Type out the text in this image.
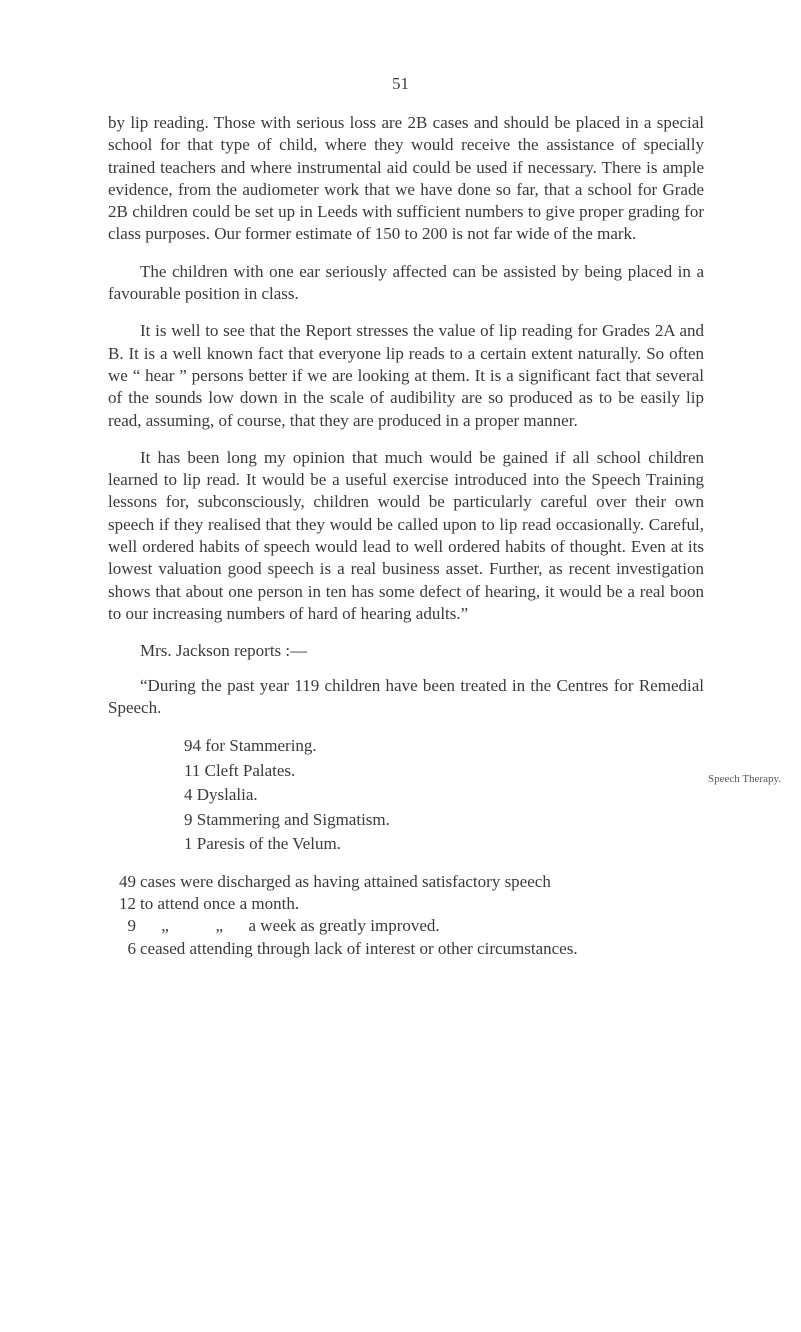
51

by lip reading. Those with serious loss are 2B cases and should be placed in a special school for that type of child, where they would receive the assistance of specially trained teachers and where instrumental aid could be used if necessary. There is ample evidence, from the audiometer work that we have done so far, that a school for Grade 2B children could be set up in Leeds with sufficient numbers to give proper grading for class purposes. Our former estimate of 150 to 200 is not far wide of the mark.

The children with one ear seriously affected can be assisted by being placed in a favourable position in class.

It is well to see that the Report stresses the value of lip reading for Grades 2A and B. It is a well known fact that everyone lip reads to a certain extent naturally. So often we “ hear ” persons better if we are looking at them. It is a significant fact that several of the sounds low down in the scale of audibility are so produced as to be easily lip read, assuming, of course, that they are produced in a proper manner.

It has been long my opinion that much would be gained if all school children learned to lip read. It would be a useful exercise introduced into the Speech Training lessons for, subconsciously, children would be particularly careful over their own speech if they realised that they would be called upon to lip read occasionally. Careful, well ordered habits of speech would lead to well ordered habits of thought. Even at its lowest valuation good speech is a real business asset. Further, as recent investigation shows that about one person in ten has some defect of hearing, it would be a real boon to our increasing numbers of hard of hearing adults.”

Mrs. Jackson reports :—

“During the past year 119 children have been treated in the Centres for Remedial Speech.

94 for Stammering.
11 Cleft Palates.
4 Dyslalia.
9 Stammering and Sigmatism.
1 Paresis of the Velum.
49 cases were discharged as having attained satisfactory speech
12 to attend once a month.
9 „	„ a week as greatly improved.
6 ceased attending through lack of interest or other circumstances.
Speech Therapy.
